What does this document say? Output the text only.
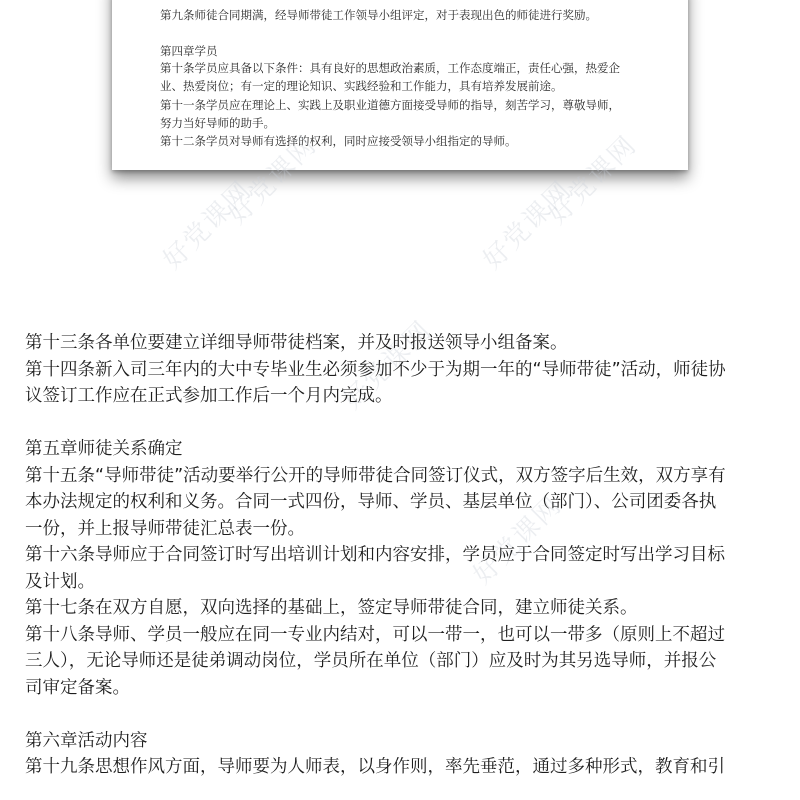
第九条师徒合同期满，经导师带徒工作领导小组评定，对于表现出色的师徒进行奖励。
第四章学员
第十条学员应具备以下条件：具有良好的思想政治素质，工作态度端正，责任心强，热爱企
业、热爱岗位；有一定的理论知识、实践经验和工作能力，具有培养发展前途。
第十一条学员应在理论上、实践上及职业道德方面接受导师的指导，刻苦学习，尊敬导师，
努力当好导师的助手。
第十二条学员对导师有选择的权利，同时应接受领导小组指定的导师。
好党课网	好党课网
好党课网	好党课网
好党课网
好党课网
第十三条各单位要建立详细导师带徒档案，并及时报送领导小组备案。
第十四条新入司三年内的大中专毕业生必须参加不少于为期一年的“导师带徒”活动，师徒协
议签订工作应在正式参加工作后一个月内完成。
第五章师徒关系确定
第十五条“导师带徒”活动要举行公开的导师带徒合同签订仪式，双方签字后生效，双方享有
本办法规定的权利和义务。合同一式四份，导师、学员、基层单位（部门）、公司团委各执
一份，并上报导师带徒汇总表一份。
第十六条导师应于合同签订时写出培训计划和内容安排，学员应于合同签定时写出学习目标
及计划。
第十七条在双方自愿，双向选择的基础上，签定导师带徒合同，建立师徒关系。
第十八条导师、学员一般应在同一专业内结对，可以一带一，也可以一带多（原则上不超过
三人），无论导师还是徒弟调动岗位，学员所在单位（部门）应及时为其另选导师，并报公
司审定备案。
第六章活动内容
第十九条思想作风方面，导师要为人师表，以身作则，率先垂范，通过多种形式，教育和引
